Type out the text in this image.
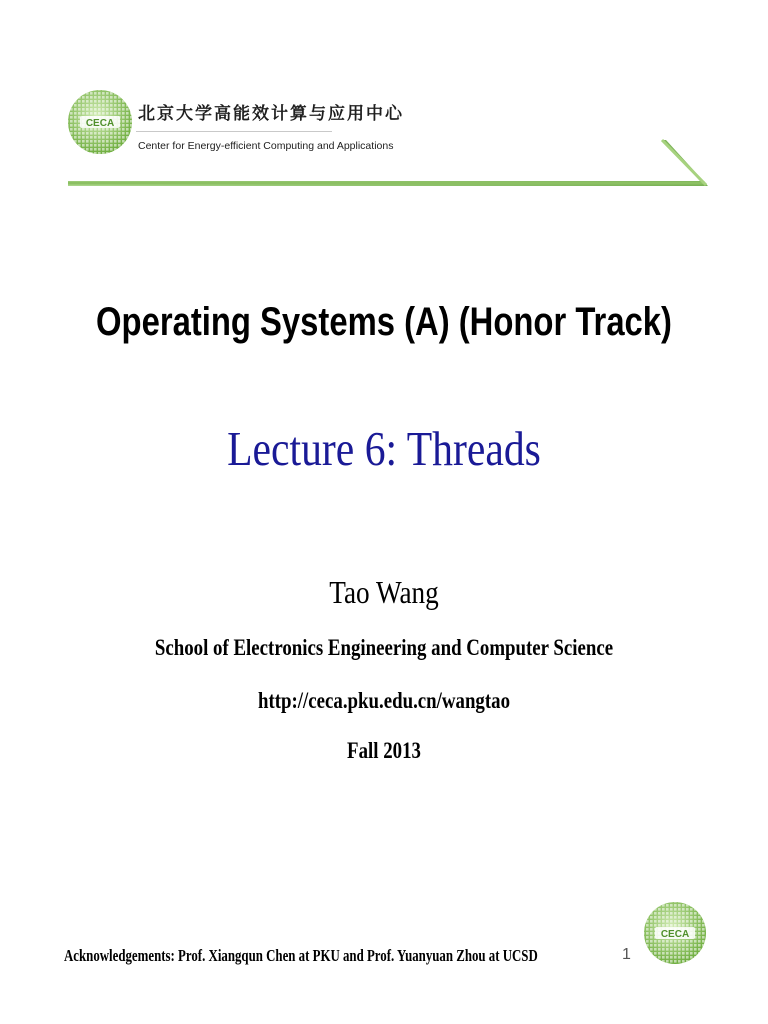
CECA 北京大学高能效计算与应用中心
Center for Energy-efficient Computing and Applications
Operating Systems (A) (Honor Track)
Lecture 6: Threads
Tao Wang
School of Electronics Engineering and Computer Science
http://ceca.pku.edu.cn/wangtao
Fall 2013
Acknowledgements: Prof. Xiangqun Chen at PKU and Prof. Yuanyuan Zhou at UCSD	1
CECA
